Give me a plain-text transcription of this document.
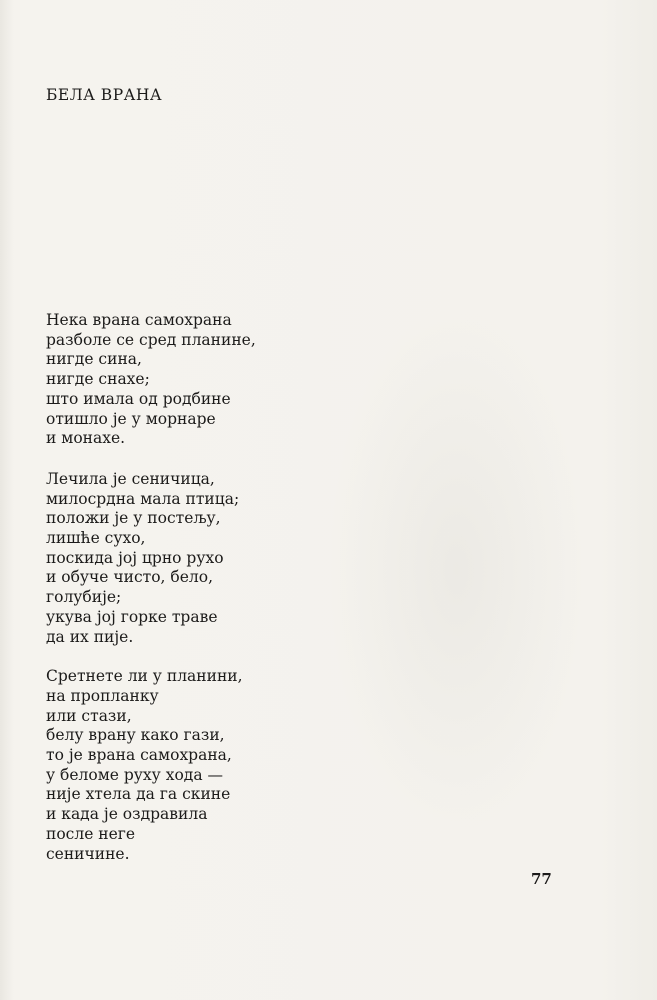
БЕЛА ВРАНА
Нека врана самохрана
разболе се сред планине,
нигде сина,
нигде снахе;
што имала од родбине
отишло је у морнаре
и монахе.
Лечила је сеничица,
милосрдна мала птица;
положи је у постељу,
лишће сухо,
поскида јој црно рухо
и обуче чисто, бело,
голубије;
укува јој горке траве
да их пије.
Сретнете ли у планини,
на пропланку
или стази,
белу врану како гази,
то је врана самохрана,
у беломе руху хода —
није хтела да га скине
и када је оздравила
после неге
сеничине.
77
